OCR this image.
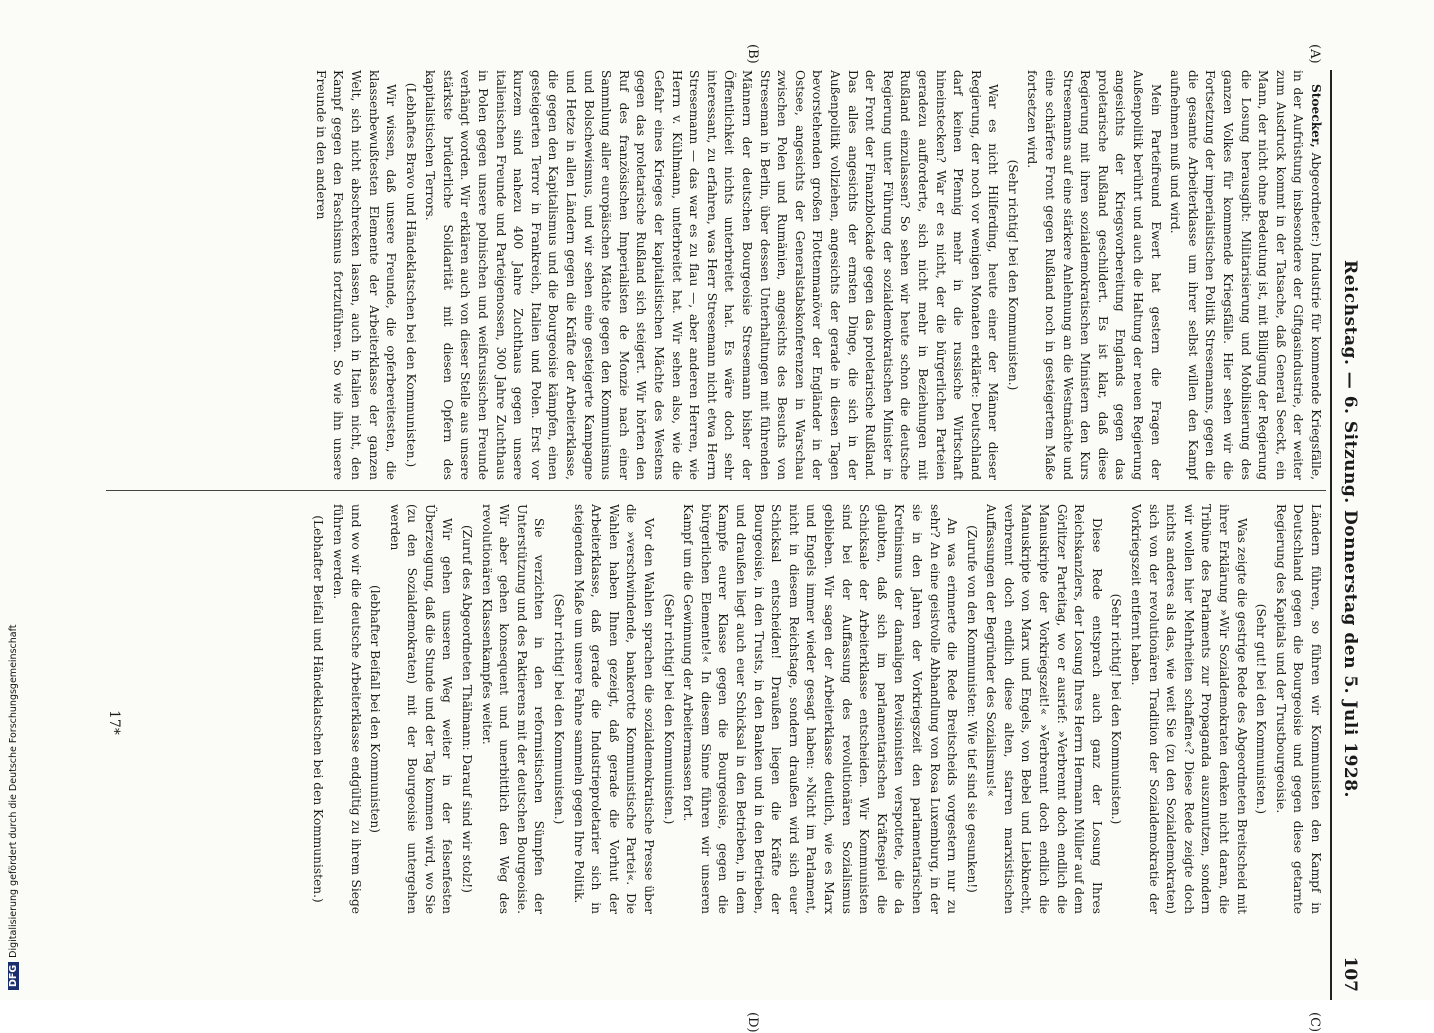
Reichstag. — 6. Sitzung. Donnerstag den 5. Juli 1928.
107
(A)
(B)
(C)
(D)

Stoecker, Abgeordneter:) Industrie für kommende Kriegsfälle, in der Aufrüstung insbesondere der Giftgasindustrie, der weiter zum Ausdruck kommt in der Tatsache, daß General Seeckt, ein Mann, der nicht ohne Bedeutung ist, mit Billigung der Regierung die Losung herausgibt: Militarisierung und Mobilisierung des ganzen Volkes für kommende Kriegsfälle. Hier sehen wir die Fortsetzung der imperialistischen Politik Stresemanns, gegen die die gesamte Arbeiterklasse um ihrer selbst willen den Kampf aufnehmen muß und wird.

Mein Parteifreund Ewert hat gestern die Fragen der Außenpolitik berührt und auch die Haltung der neuen Regierung angesichts der Kriegsvorbereitung Englands gegen das proletarische Rußland geschildert. Es ist klar, daß diese Regierung mit ihren sozialdemokratischen Ministern den Kurs Stresemanns auf eine stärkere Anlehnung an die Westmächte und eine schärfere Front gegen Rußland noch in gesteigertem Maße fortsetzen wird.

(Sehr richtig! bei den Kommunisten.)

War es nicht Hilferding, heute einer der Männer dieser Regierung, der noch vor wenigen Monaten erklärte: Deutschland darf keinen Pfennig mehr in die russische Wirtschaft hineinstecken? War er es nicht, der die bürgerlichen Parteien geradezu aufforderte, sich nicht mehr in Beziehungen mit Rußland einzulassen? So sehen wir heute schon die deutsche Regierung unter Führung der sozialdemokratischen Minister in der Front der Finanzblockade gegen das proletarische Rußland. Das alles angesichts der ernsten Dinge, die sich in der Außenpolitik vollziehen, angesichts der gerade in diesen Tagen bevorstehenden großen Flottenmanöver der Engländer in der Ostsee, angesichts der Generalstabskonferenzen in Warschau zwischen Polen und Rumänien, angesichts des Besuchs von Streseman in Berlin, über dessen Unterhaltungen mit führenden Männern der deutschen Bourgeoisie Stresemann bisher der Öffentlichkeit nichts unterbreitet hat. Es wäre doch sehr interessant, zu erfahren, was Herr Stresemann nicht etwa Herrn Stresemann — das war es zu flau —, aber anderen Herren, wie Herrn v. Kühlmann, unterbreitet hat. Wir sehen also, wie die Gefahr eines Krieges der kapitalistischen Mächte des Westens gegen das proletarische Rußland sich steigert. Wir hörten den Ruf des französischen Imperialisten de Monzie nach einer Sammlung aller europäischen Mächte gegen den Kommunismus und Bolschewismus, und wir sehen eine gesteigerte Kampagne und Hetze in allen Ländern gegen die Kräfte der Arbeiterklasse, die gegen den Kapitalismus und die Bourgeoisie kämpfen, einen gesteigerten Terror in Frankreich, Italien und Polen. Erst vor kurzem sind nahezu 400 Jahre Zuchthaus gegen unsere italienischen Freunde und Parteigenossen, 300 Jahre Zuchthaus in Polen gegen unsere polnischen und weißrussischen Freunde verhängt worden. Wir erklären auch von dieser Stelle aus unsere stärkste brüderliche Solidarität mit diesen Opfern des kapitalistischen Terrors.

(Lebhaftes Bravo und Händeklatschen bei den Kommunisten.)

Wir wissen, daß unsere Freunde, die opferbereitesten, die klassenbewußtesten Elemente der Arbeiterklasse der ganzen Welt, sich nicht abschrecken lassen, auch in Italien nicht, den Kampf gegen den Faschismus fortzuführen. So wie ihn unsere Freunde in den anderen

Ländern führen, so führen wir Kommunisten den Kampf in Deutschland gegen die Bourgeoisie und gegen diese getarnte Regierung des Kapitals und der Trustbourgeoisie.

(Sehr gut! bei den Kommunisten.)

Was zeigte die gestrige Rede des Abgeordneten Breitscheid mit ihrer Erklärung »Wir Sozialdemokraten denken nicht daran, die Tribüne des Parlaments zur Propaganda auszunutzen, sondern wir wollen hier Mehrheiten schaffen«? Diese Rede zeigte doch nichts anderes als das, wie weit Sie (zu den Sozialdemokraten) sich von der revolutionären Tradition der Sozialdemokratie der Vorkriegszeit entfernt haben.

(Sehr richtig! bei den Kommunisten.)

Diese Rede entsprach auch ganz der Losung Ihres Reichskanzlers, der Losung Ihres Herrn Hermann Müller auf dem Görlitzer Parteitag, wo er ausrief: »Verbrennt doch endlich die Manuskripte der Vorkriegszeit!« »Verbrennt doch endlich die Manuskripte von Marx und Engels, von Bebel und Liebknecht, verbrennt doch endlich diese alten, starren marxistischen Auffassungen der Begründer des Sozialismus!«

(Zurufe von den Kommunisten: Wie tief sind sie gesunken!)

An was erinnerte die Rede Breitscheids vorgestern nur zu sehr? An eine geistvolle Abhandlung von Rosa Luxemburg, in der sie in den Jahren der Vorkriegszeit den parlamentarischen Kretinismus der damaligen Revisionisten verspottete, die da glaubten, daß sich im parlamentarischen Kräftespiel die Schicksale der Arbeiterklasse entscheiden. Wir Kommunisten sind bei der Auffassung des revolutionären Sozialismus geblieben. Wir sagen der Arbeiterklasse deutlich, wie es Marx und Engels immer wieder gesagt haben: »Nicht im Parlament, nicht in diesem Reichstage, sondern draußen wird sich euer Schicksal entscheiden! Draußen liegen die Kräfte der Bourgeoisie, in den Trusts, in den Banken und in den Betrieben, und draußen liegt auch euer Schicksal in den Betrieben, in dem Kampfe eurer Klasse gegen die Bourgeoisie, gegen die bürgerlichen Elemente!« In diesem Sinne führen wir unseren Kampf um die Gewinnung der Arbeitermassen fort.

(Sehr richtig! bei den Kommunisten.)

Vor den Wahlen sprachen die sozialdemokratische Presse über die »verschwindende, bankerotte Kommunistische Partei«. Die Wahlen haben Ihnen gezeigt, daß gerade die Vorhut der Arbeiterklasse, daß gerade die Industrieproletarier sich in steigendem Maße um unsere Fahne sammeln gegen Ihre Politik.

(Sehr richtig! bei den Kommunisten.)

Sie verzichten in den reformistischen Sümpfen der Unterstützung und des Paktierens mit der deutschen Bourgeoisie. Wir aber gehen konsequent und unerbittlich den Weg des revolutionären Klassenkampfes weiter.

(Zuruf des Abgeordneten Thälmann: Darauf sind wir stolz!)

Wir gehen unseren Weg weiter in der felsenfesten Überzeugung, daß die Stunde und der Tag kommen wird, wo Sie (zu den Sozialdemokraten) mit der Bourgeoisie untergehen werden

(lebhafter Beifall bei den Kommunisten)

und wo wir die deutsche Arbeiterklasse endgültig zu ihrem Siege führen werden.

(Lebhafter Beifall und Händeklatschen bei den Kommunisten.)

17*
DFGDigitalisierung gefördert durch die Deutsche Forschungsgemeinschaft
